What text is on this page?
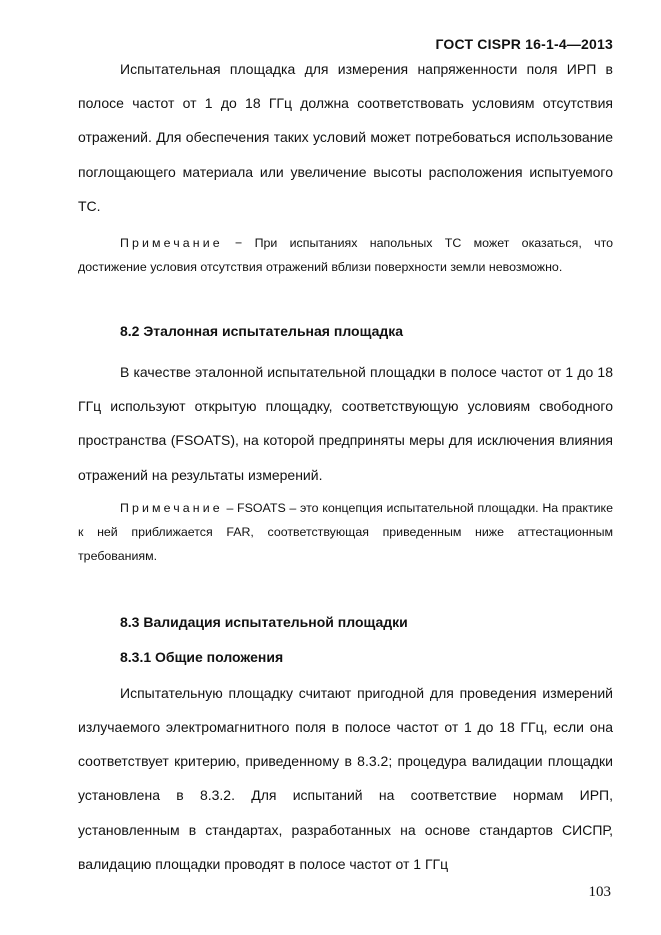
ГОСТ CISPR 16-1-4—2013

Испытательная площадка для измерения напряженности поля ИРП в полосе частот от 1 до 18 ГГц должна соответствовать условиям отсутствия отражений. Для обеспечения таких условий может потребоваться использование поглощающего материала или увеличение высоты расположения испытуемого ТС.

Примечание − При испытаниях напольных ТС может оказаться, что достижение условия отсутствия отражений вблизи поверхности земли невозможно.

8.2 Эталонная испытательная площадка

В качестве эталонной испытательной площадки в полосе частот от 1 до 18 ГГц используют открытую площадку, соответствующую условиям свободного пространства (FSOATS), на которой предприняты меры для исключения влияния отражений на результаты измерений.

Примечание – FSOATS – это концепция испытательной площадки. На практике к ней приближается FAR, соответствующая приведенным ниже аттестационным требованиям.

8.3 Валидация испытательной площадки

8.3.1 Общие положения

Испытательную площадку считают пригодной для проведения измерений излучаемого электромагнитного поля в полосе частот от 1 до 18 ГГц, если она соответствует критерию, приведенному в 8.3.2; процедура валидации площадки установлена в 8.3.2. Для испытаний на соответствие нормам ИРП, установленным в стандартах, разработанных на основе стандартов СИСПР, валидацию площадки проводят в полосе частот от 1 ГГц

103
